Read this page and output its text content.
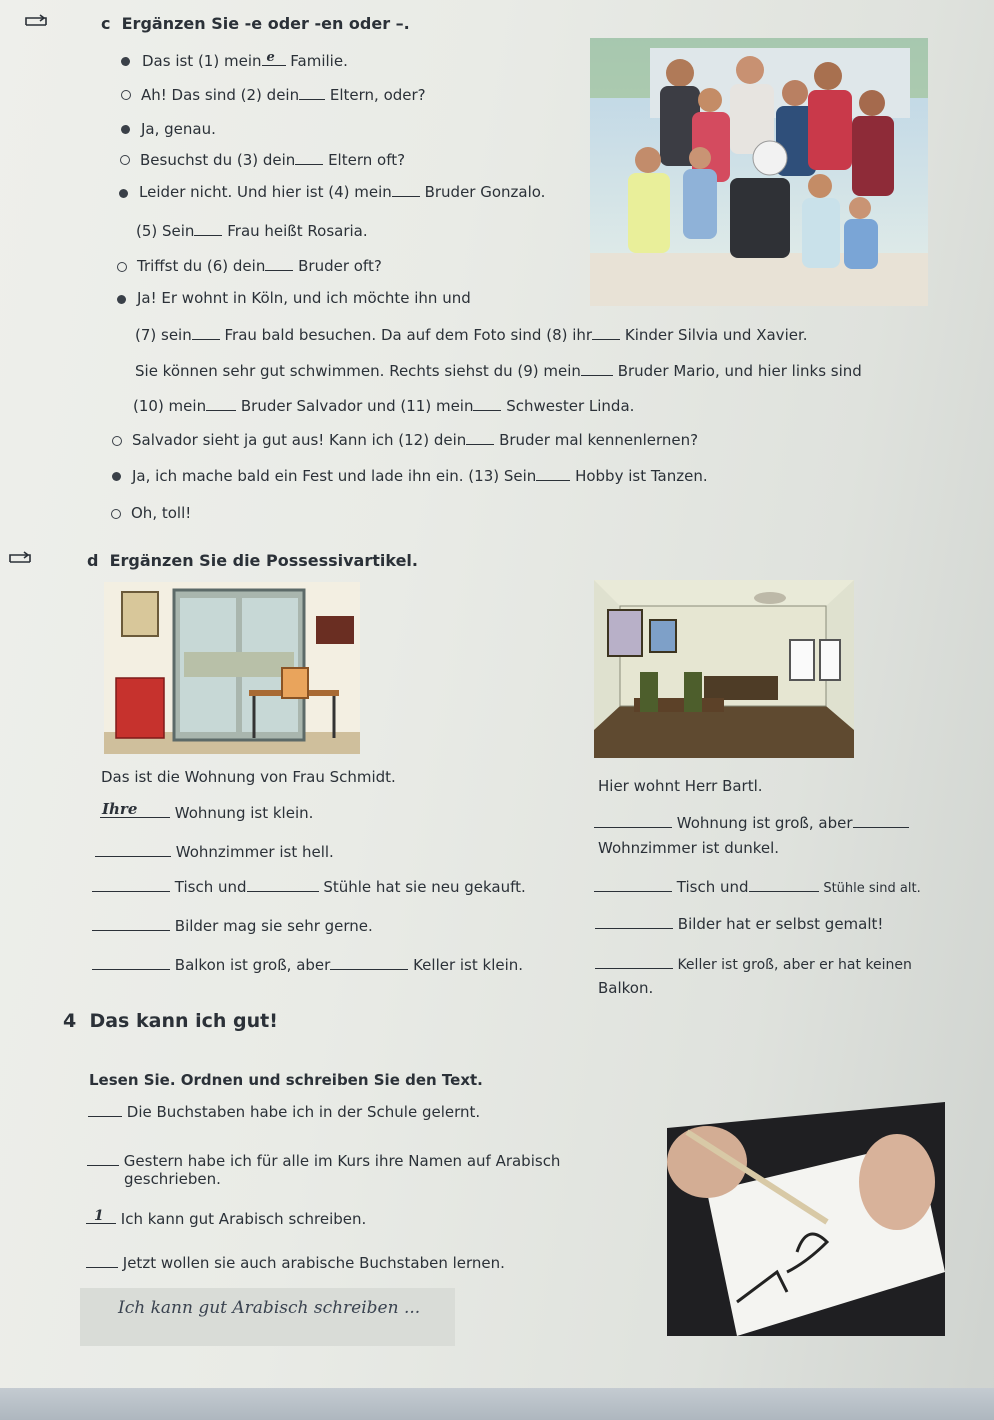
c Ergänzen Sie -e oder -en oder –.
Das ist (1) mein e Familie.
Ah! Das sind (2) dein Eltern, oder?
Ja, genau.
Besuchst du (3) dein Eltern oft?
Leider nicht. Und hier ist (4) mein Bruder Gonzalo.
(5) Sein Frau heißt Rosaria.
Triffst du (6) dein Bruder oft?
Ja! Er wohnt in Köln, und ich möchte ihn und
(7) sein Frau bald besuchen. Da auf dem Foto sind (8) ihr Kinder Silvia und Xavier.
Sie können sehr gut schwimmen. Rechts siehst du (9) mein Bruder Mario, und hier links sind
(10) mein Bruder Salvador und (11) mein Schwester Linda.
Salvador sieht ja gut aus! Kann ich (12) dein Bruder mal kennenlernen?
Ja, ich mache bald ein Fest und lade ihn ein. (13) Sein	Hobby ist Tanzen.
Oh, toll!
d Ergänzen Sie die Possessivartikel.
Das ist die Wohnung von Frau Schmidt.	Hier wohnt Herr Bartl.
Ihre Wohnung ist klein.
Wohnzimmer ist hell.
Tisch und	Stühle hat sie neu gekauft.
Bilder mag sie sehr gerne.
Balkon ist groß, aber	Keller ist klein.
Wohnung ist groß, aber
Wohnzimmer ist dunkel.
Tisch und	Stühle sind alt.
Bilder hat er selbst gemalt!
Keller ist groß, aber er hat keinen
Balkon.
4 Das kann ich gut!
Lesen Sie. Ordnen und schreiben Sie den Text.
Die Buchstaben habe ich in der Schule gelernt.
Gestern habe ich für alle im Kurs ihre Namen auf Arabisch
geschrieben.
1 Ich kann gut Arabisch schreiben.
Jetzt wollen sie auch arabische Buchstaben lernen.
Ich kann gut Arabisch schreiben ...
